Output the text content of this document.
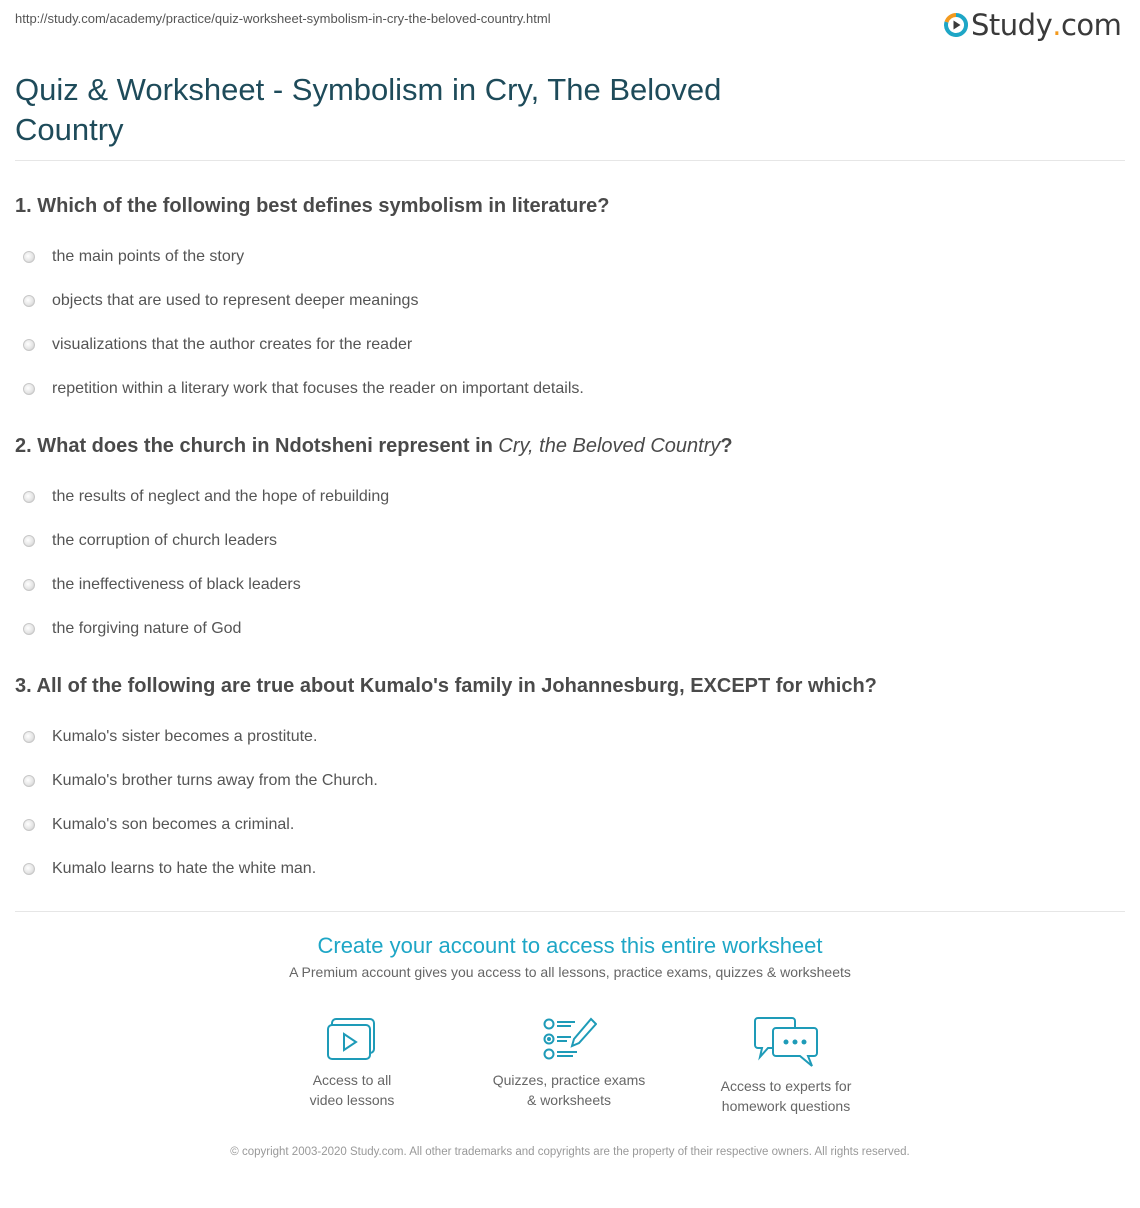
http://study.com/academy/practice/quiz-worksheet-symbolism-in-cry-the-beloved-country.html	Study . com
Quiz & Worksheet - Symbolism in Cry, The Beloved Country
1. Which of the following best defines symbolism in literature?
the main points of the story
objects that are used to represent deeper meanings
visualizations that the author creates for the reader
repetition within a literary work that focuses the reader on important details.
2. What does the church in Ndotsheni represent in Cry, the Beloved Country?
the results of neglect and the hope of rebuilding
the corruption of church leaders
the ineffectiveness of black leaders
the forgiving nature of God
3. All of the following are true about Kumalo's family in Johannesburg, EXCEPT for which?
Kumalo's sister becomes a prostitute.
Kumalo's brother turns away from the Church.
Kumalo's son becomes a criminal.
Kumalo learns to hate the white man.
Create your account to access this entire worksheet
A Premium account gives you access to all lessons, practice exams, quizzes & worksheets
Access to all
video lessons
Quizzes, practice exams
& worksheets
Access to experts for
homework questions
© copyright 2003-2020 Study.com. All other trademarks and copyrights are the property of their respective owners. All rights reserved.
